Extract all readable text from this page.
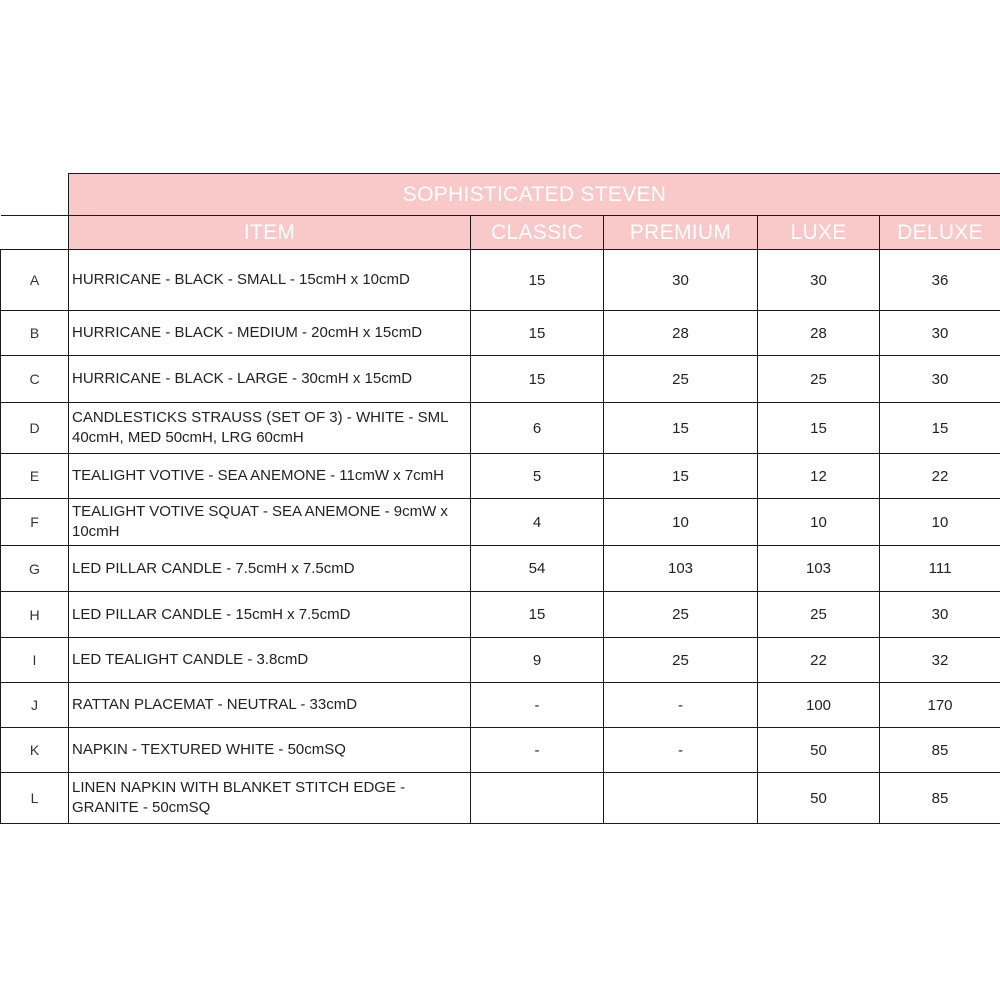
	SOPHISTICATED STEVEN				
	ITEM	CLASSIC	PREMIUM	LUXE	DELUXE
A	HURRICANE - BLACK - SMALL - 15cmH x 10cmD	15	30	30	36
B	HURRICANE - BLACK - MEDIUM - 20cmH x 15cmD	15	28	28	30
C	HURRICANE - BLACK - LARGE - 30cmH x 15cmD	15	25	25	30
D	CANDLESTICKS STRAUSS (SET OF 3) - WHITE - SML 40cmH, MED 50cmH, LRG 60cmH	6	15	15	15
E	TEALIGHT VOTIVE - SEA ANEMONE - 11cmW x 7cmH	5	15	12	22
F	TEALIGHT VOTIVE SQUAT - SEA ANEMONE - 9cmW x 10cmH	4	10	10	10
G	LED PILLAR CANDLE - 7.5cmH x 7.5cmD	54	103	103	111
H	LED PILLAR CANDLE - 15cmH x 7.5cmD	15	25	25	30
I	LED TEALIGHT CANDLE - 3.8cmD	9	25	22	32
J	RATTAN PLACEMAT - NEUTRAL - 33cmD	-	-	100	170
K	NAPKIN - TEXTURED WHITE - 50cmSQ	-	-	50	85
L	LINEN NAPKIN WITH BLANKET STITCH EDGE - GRANITE - 50cmSQ			50	85
